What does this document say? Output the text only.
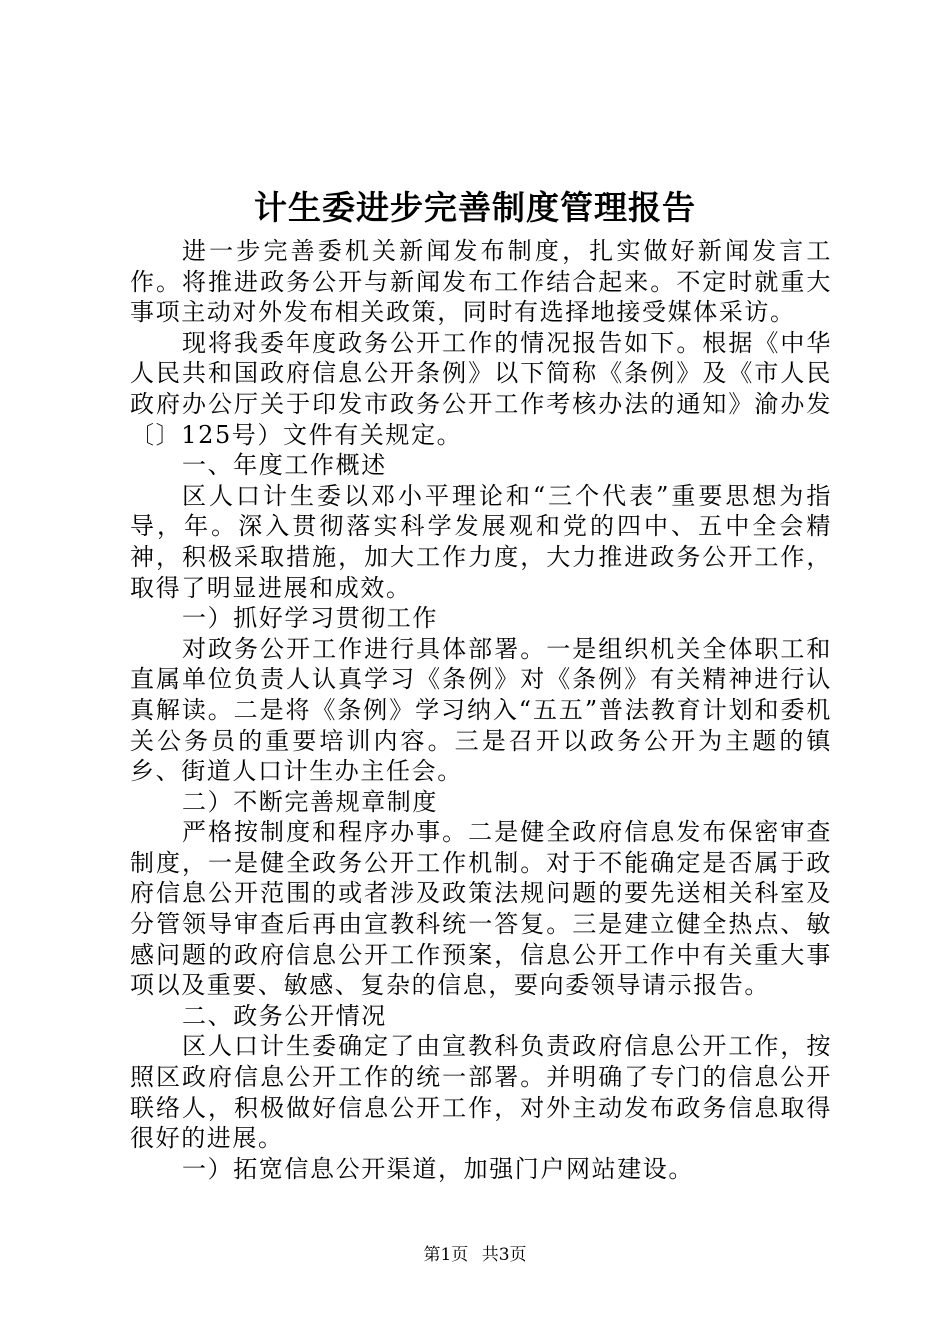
计生委进步完善制度管理报告

进一步完善委机关新闻发布制度，扎实做好新闻发言工作。将推进政务公开与新闻发布工作结合起来。不定时就重大事项主动对外发布相关政策，同时有选择地接受媒体采访。

现将我委年度政务公开工作的情况报告如下。根据《中华人民共和国政府信息公开条例》以下简称《条例》及《市人民政府办公厅关于印发市政务公开工作考核办法的通知》渝办发〔〕125号）文件有关规定。

一、年度工作概述

区人口计生委以邓小平理论和“三个代表”重要思想为指导，年。深入贯彻落实科学发展观和党的四中、五中全会精神，积极采取措施，加大工作力度，大力推进政务公开工作，取得了明显进展和成效。

一）抓好学习贯彻工作

对政务公开工作进行具体部署。一是组织机关全体职工和直属单位负责人认真学习《条例》对《条例》有关精神进行认真解读。二是将《条例》学习纳入“五五”普法教育计划和委机关公务员的重要培训内容。三是召开以政务公开为主题的镇乡、街道人口计生办主任会。

二）不断完善规章制度

严格按制度和程序办事。二是健全政府信息发布保密审查制度，一是健全政务公开工作机制。对于不能确定是否属于政府信息公开范围的或者涉及政策法规问题的要先送相关科室及分管领导审查后再由宣教科统一答复。三是建立健全热点、敏感问题的政府信息公开工作预案，信息公开工作中有关重大事项以及重要、敏感、复杂的信息，要向委领导请示报告。

二、政务公开情况

区人口计生委确定了由宣教科负责政府信息公开工作，按照区政府信息公开工作的统一部署。并明确了专门的信息公开联络人，积极做好信息公开工作，对外主动发布政务信息取得很好的进展。

一）拓宽信息公开渠道，加强门户网站建设。

第1页 共3页
